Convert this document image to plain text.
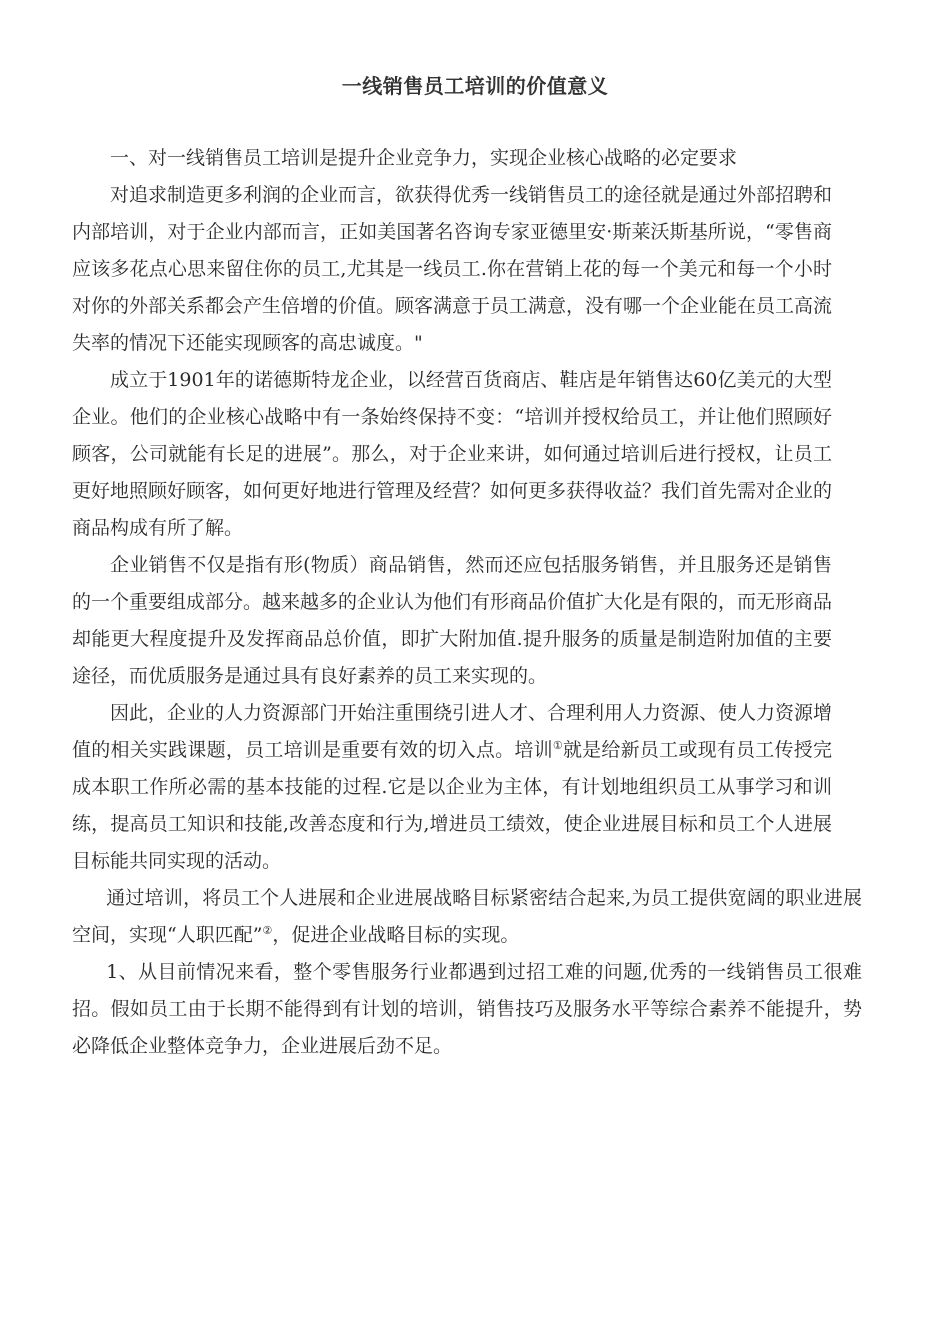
一线销售员工培训的价值意义

一、对一线销售员工培训是提升企业竞争力，实现企业核心战略的必定要求

对追求制造更多利润的企业而言，欲获得优秀一线销售员工的途径就是通过外部招聘和内部培训，对于企业内部而言，正如美国著名咨询专家亚德里安·斯莱沃斯基所说，“零售商应该多花点心思来留住你的员工,尤其是一线员工.你在营销上花的每一个美元和每一个小时对你的外部关系都会产生倍增的价值。顾客满意于员工满意，没有哪一个企业能在员工高流失率的情况下还能实现顾客的高忠诚度。"

成立于1901年的诺德斯特龙企业，以经营百货商店、鞋店是年销售达60亿美元的大型企业。他们的企业核心战略中有一条始终保持不变：“培训并授权给员工，并让他们照顾好顾客，公司就能有长足的进展”。那么，对于企业来讲，如何通过培训后进行授权，让员工更好地照顾好顾客，如何更好地进行管理及经营？如何更多获得收益？我们首先需对企业的商品构成有所了解。

企业销售不仅是指有形(物质）商品销售，然而还应包括服务销售，并且服务还是销售的一个重要组成部分。越来越多的企业认为他们有形商品价值扩大化是有限的，而无形商品却能更大程度提升及发挥商品总价值，即扩大附加值.提升服务的质量是制造附加值的主要途径，而优质服务是通过具有良好素养的员工来实现的。

因此，企业的人力资源部门开始注重围绕引进人才、合理利用人力资源、使人力资源增值的相关实践课题，员工培训是重要有效的切入点。培训①就是给新员工或现有员工传授完成本职工作所必需的基本技能的过程.它是以企业为主体，有计划地组织员工从事学习和训练，提高员工知识和技能,改善态度和行为,增进员工绩效，使企业进展目标和员工个人进展目标能共同实现的活动。

通过培训，将员工个人进展和企业进展战略目标紧密结合起来,为员工提供宽阔的职业进展空间，实现“人职匹配”②，促进企业战略目标的实现。

1、从目前情况来看，整个零售服务行业都遇到过招工难的问题,优秀的一线销售员工很难招。假如员工由于长期不能得到有计划的培训，销售技巧及服务水平等综合素养不能提升，势必降低企业整体竞争力，企业进展后劲不足。
